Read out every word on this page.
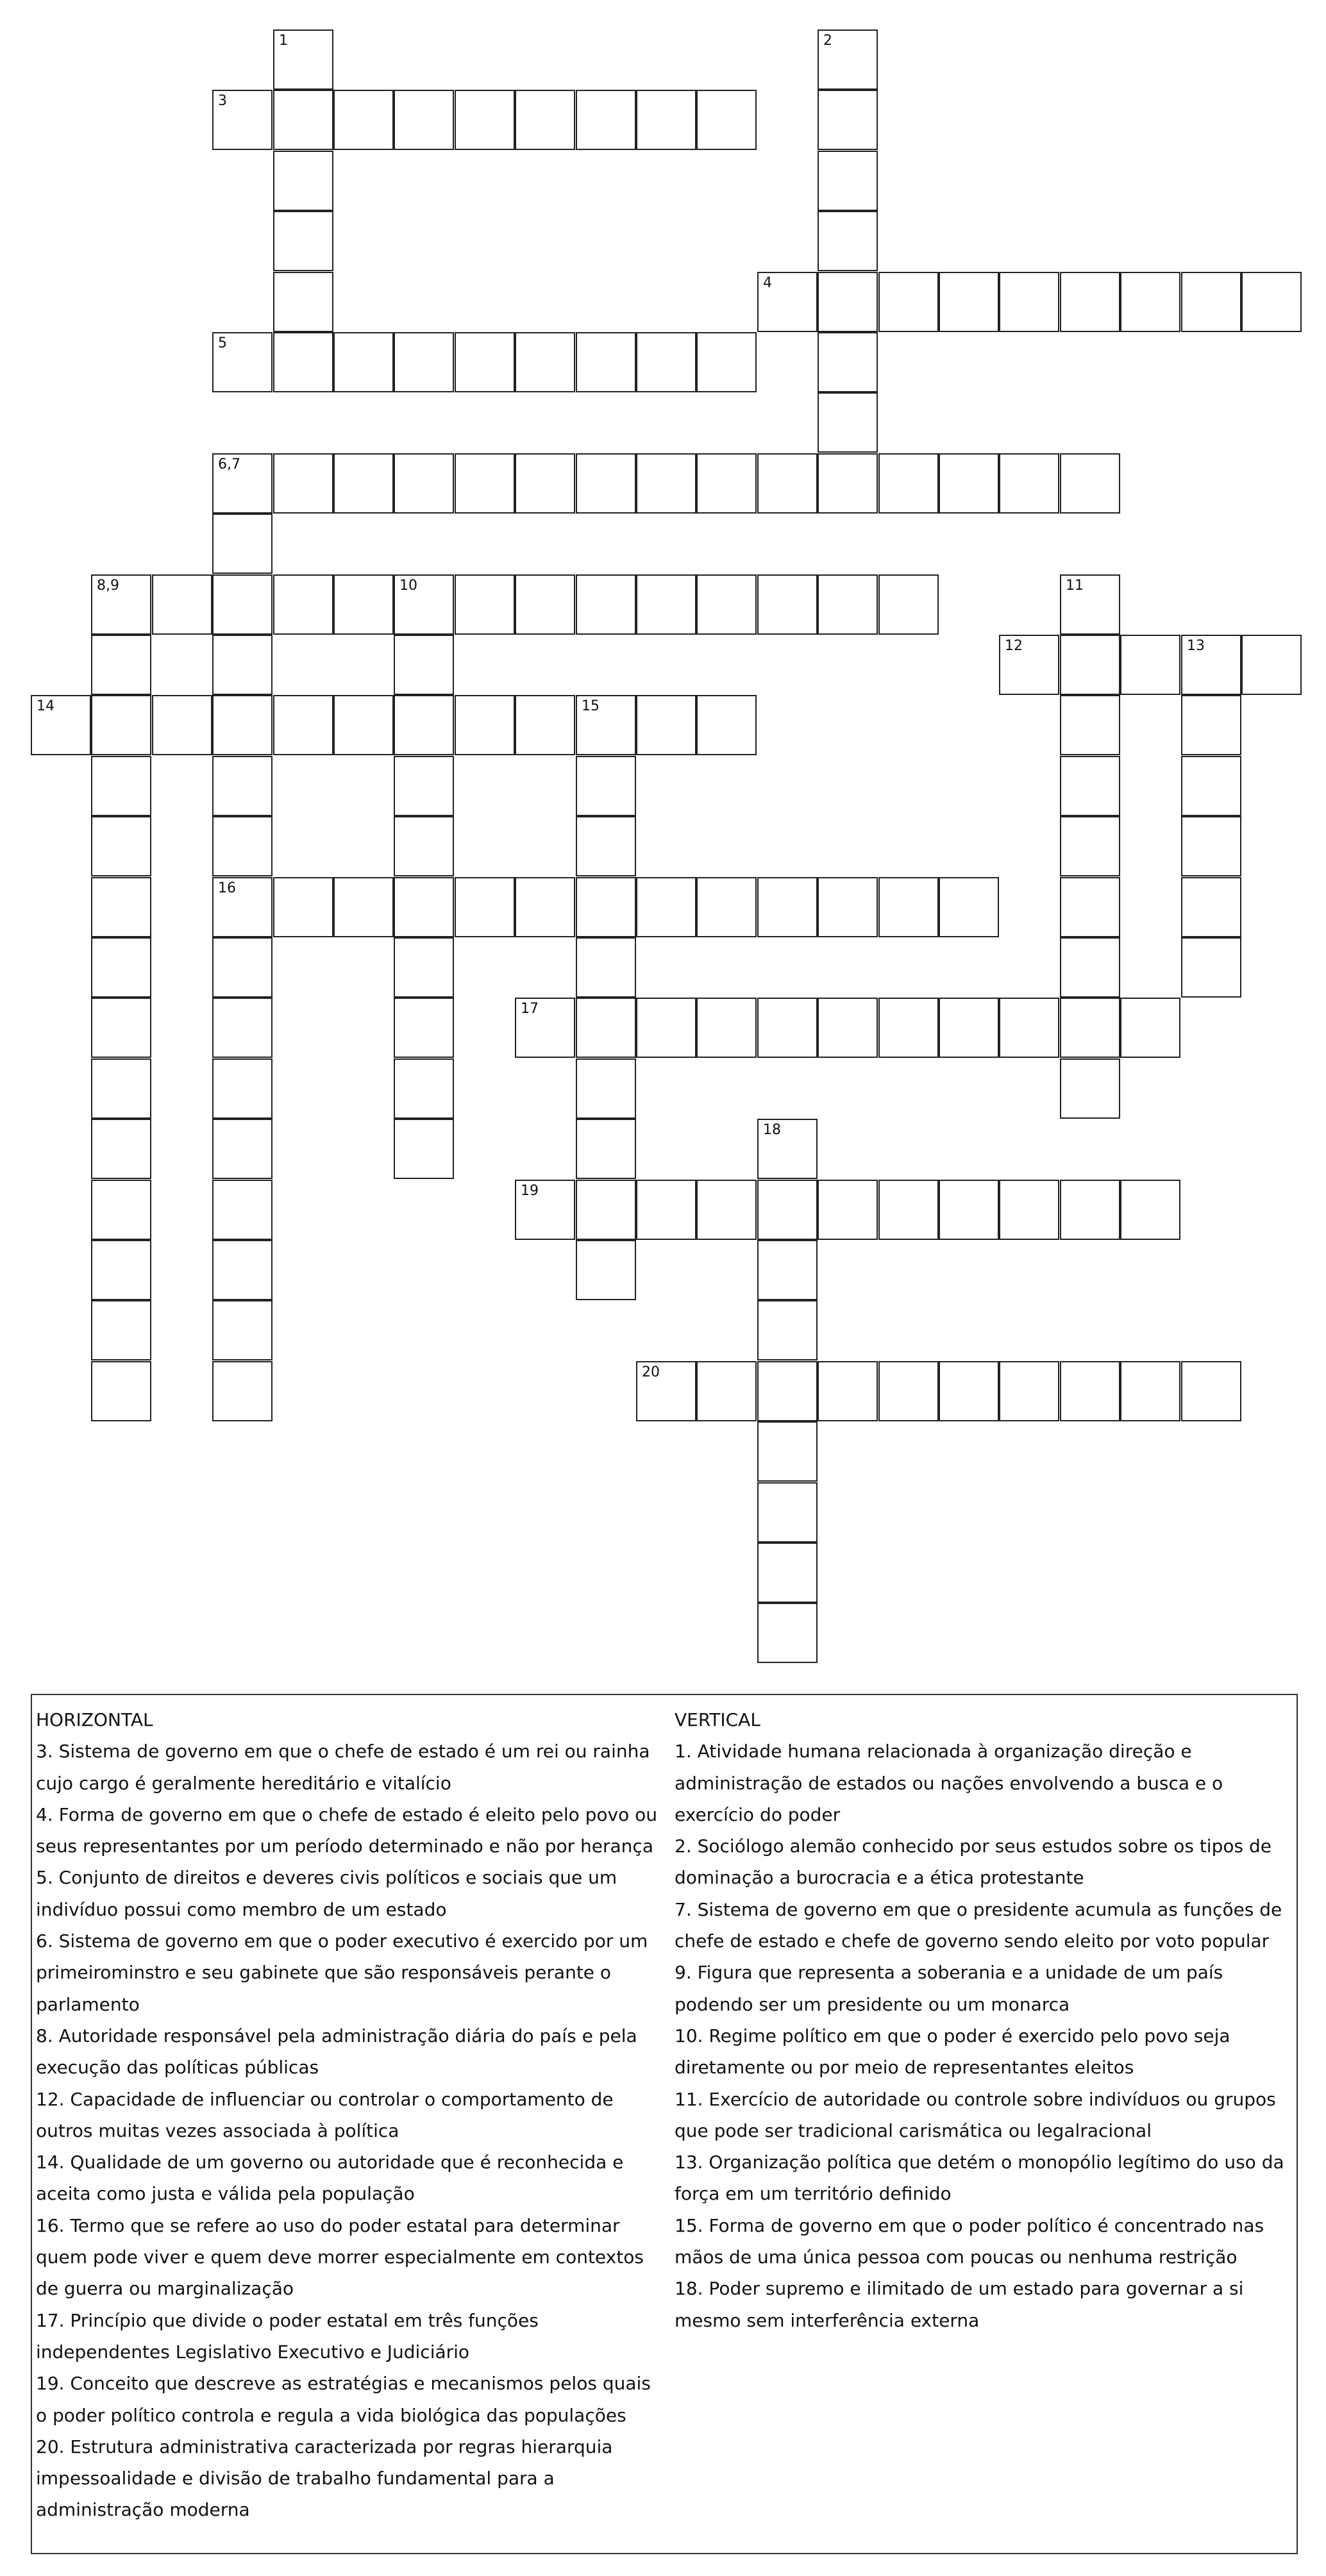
1	2
3
4
5
6,7
16
8,9	10	11
12	13
14	15
17
18
19
20
HORIZONTAL
3. Sistema de governo em que o chefe de estado é um rei ou rainha cujo cargo é geralmente hereditário e vitalício
4. Forma de governo em que o chefe de estado é eleito pelo povo ou seus representantes por um período determinado e não por herança
5. Conjunto de direitos e deveres civis políticos e sociais que um indivíduo possui como membro de um estado
6. Sistema de governo em que o poder executivo é exercido por um primeirominstro e seu gabinete que são responsáveis perante o parlamento
8. Autoridade responsável pela administração diária do país e pela execução das políticas públicas
12. Capacidade de influenciar ou controlar o comportamento de outros muitas vezes associada à política
14. Qualidade de um governo ou autoridade que é reconhecida e aceita como justa e válida pela população
16. Termo que se refere ao uso do poder estatal para determinar quem pode viver e quem deve morrer especialmente em contextos de guerra ou marginalização
17. Princípio que divide o poder estatal em três funções independentes Legislativo Executivo e Judiciário
19. Conceito que descreve as estratégias e mecanismos pelos quais o poder político controla e regula a vida biológica das populações
20. Estrutura administrativa caracterizada por regras hierarquia impessoalidade e divisão de trabalho fundamental para a administração moderna
VERTICAL
1. Atividade humana relacionada à organização direção e administração de estados ou nações envolvendo a busca e o exercício do poder
2. Sociólogo alemão conhecido por seus estudos sobre os tipos de dominação a burocracia e a ética protestante
7. Sistema de governo em que o presidente acumula as funções de chefe de estado e chefe de governo sendo eleito por voto popular
9. Figura que representa a soberania e a unidade de um país podendo ser um presidente ou um monarca
10. Regime político em que o poder é exercido pelo povo seja diretamente ou por meio de representantes eleitos
11. Exercício de autoridade ou controle sobre indivíduos ou grupos que pode ser tradicional carismática ou legalracional
13. Organização política que detém o monopólio legítimo do uso da força em um território definido
15. Forma de governo em que o poder político é concentrado nas mãos de uma única pessoa com poucas ou nenhuma restrição
18. Poder supremo e ilimitado de um estado para governar a si mesmo sem interferência externa
